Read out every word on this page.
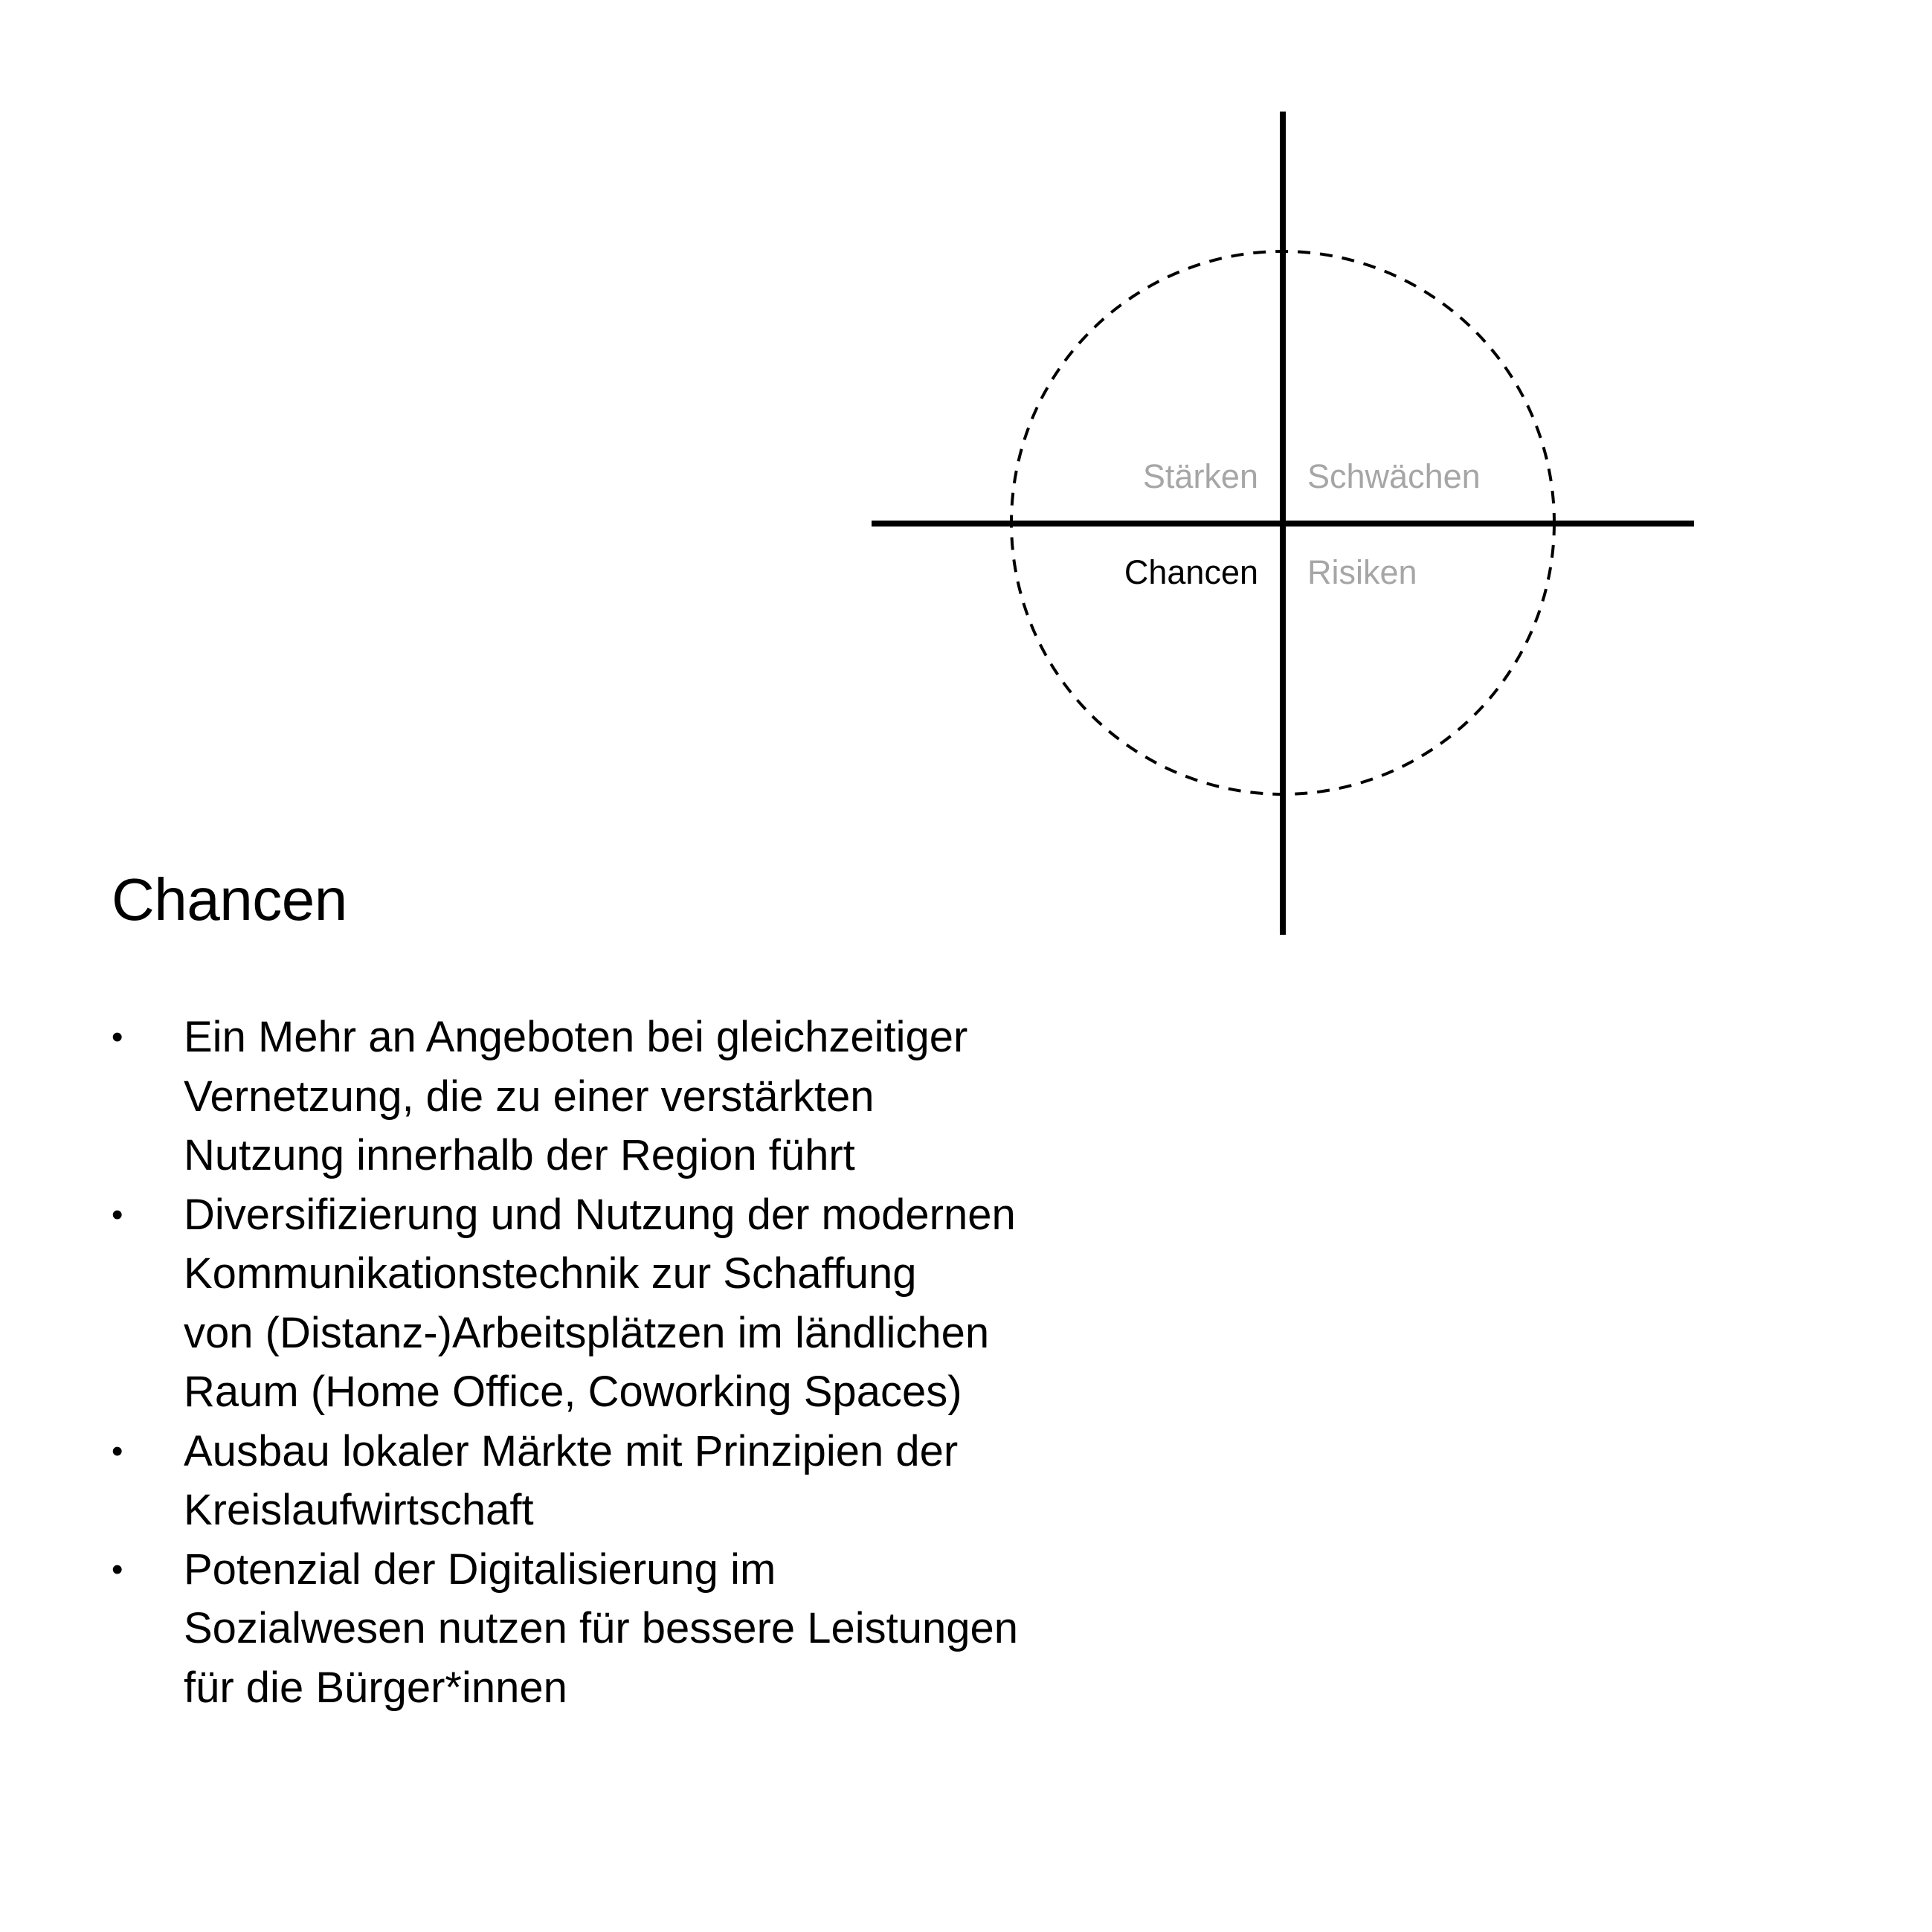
Stärken Schwächen
Chancen Risiken
Chancen
• Ein Mehr an Angeboten bei gleichzeitiger
Vernetzung, die zu einer verstärkten
Nutzung innerhalb der Region führt
• Diversifizierung und Nutzung der modernen
Kommunikationstechnik zur Schaffung
von (Distanz-)Arbeitsplätzen im ländlichen
Raum (Home Office, Coworking Spaces)
• Ausbau lokaler Märkte mit Prinzipien der
Kreislaufwirtschaft
• Potenzial der Digitalisierung im
Sozialwesen nutzen für bessere Leistungen
für die Bürger*innen
